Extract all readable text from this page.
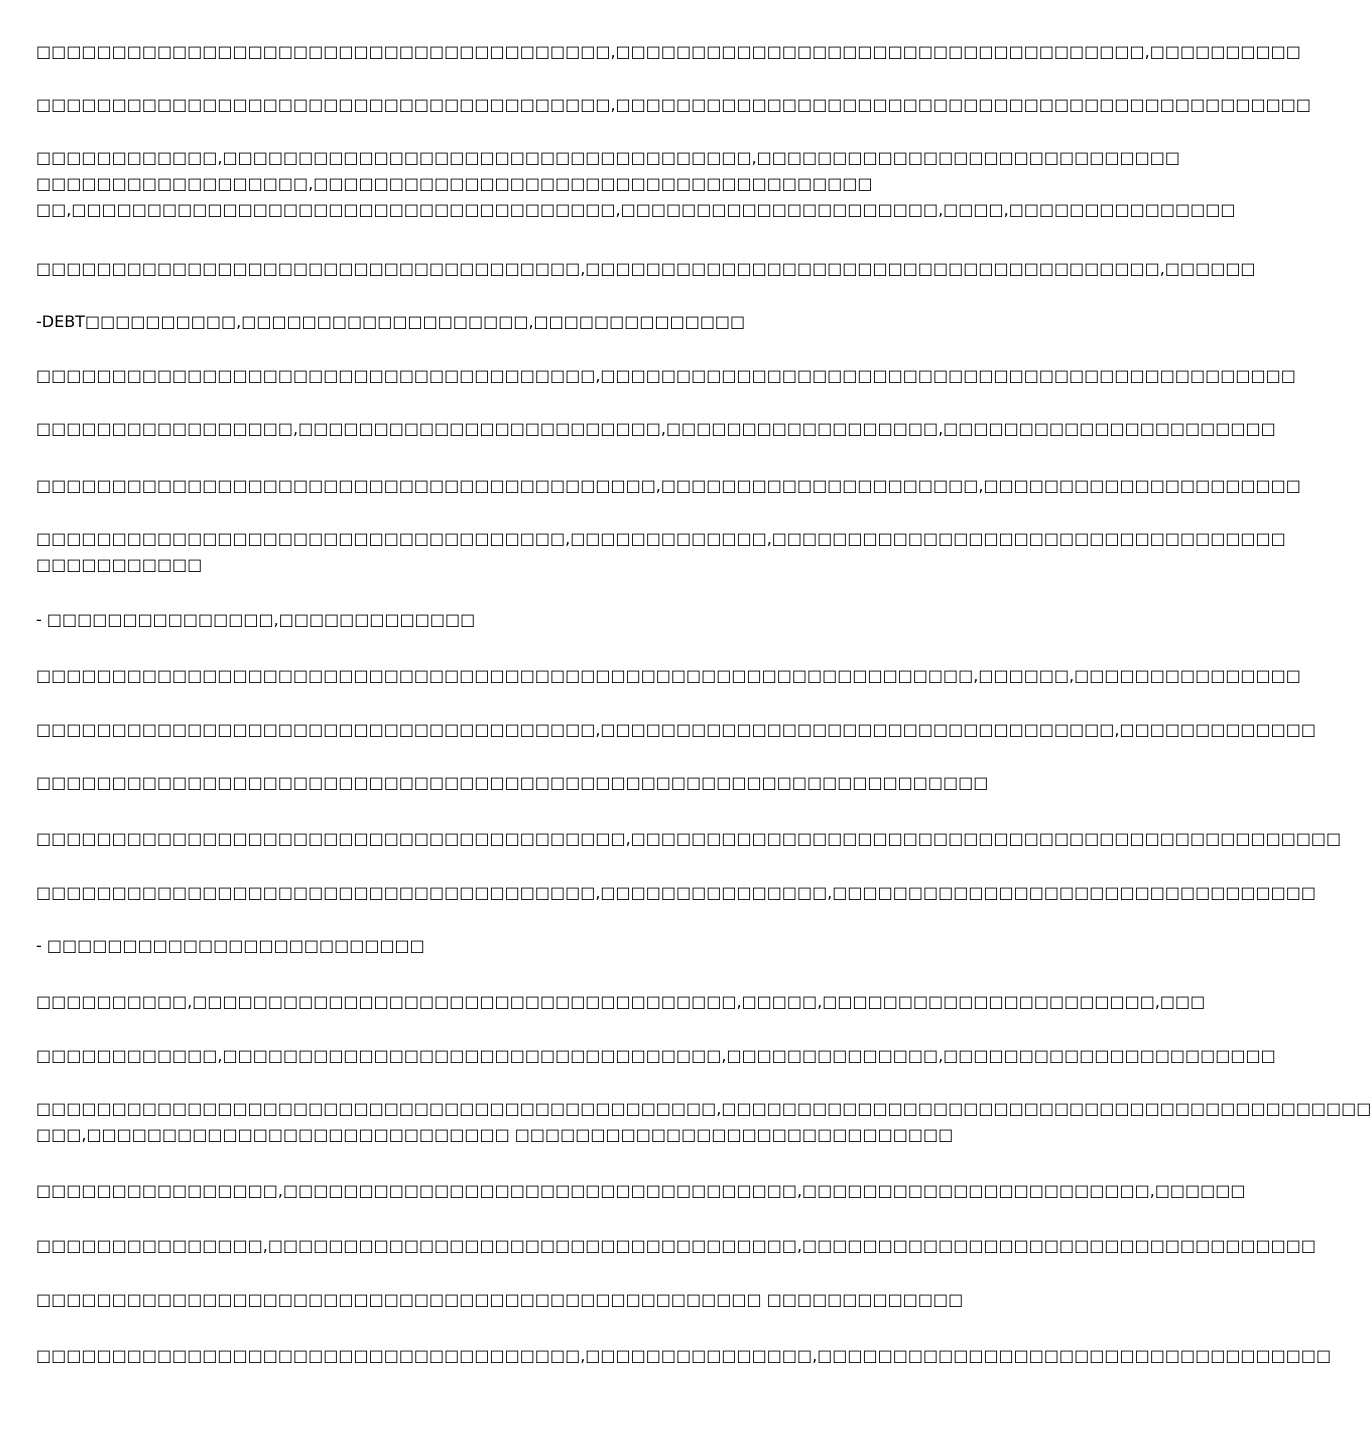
□□□□□□□□□□□□□□□□□□□□□□□□□□□□□□□□□□□□□□,□□□□□□□□□□□□□□□□□□□□□□□□□□□□□□□□□□□,□□□□□□□□□□
□□□□□□□□□□□□□□□□□□□□□□□□□□□□□□□□□□□□□□,□□□□□□□□□□□□□□□□□□□□□□□□□□□□□□□□□□□□□□□□□□□□□□
□□□□□□□□□□□□,□□□□□□□□□□□□□□□□□□□□□□□□□□□□□□□□□□□,□□□□□□□□□□□□□□□□□□□□□□□□□□□□
□□□□□□□□□□□□□□□□□□,□□□□□□□□□□□□□□□□□□□□□□□□□□□□□□□□□□□□□
□□,□□□□□□□□□□□□□□□□□□□□□□□□□□□□□□□□□□□□,□□□□□□□□□□□□□□□□□□□□□,□□□□,□□□□□□□□□□□□□□□
□□□□□□□□□□□□□□□□□□□□□□□□□□□□□□□□□□□□,□□□□□□□□□□□□□□□□□□□□□□□□□□□□□□□□□□□□□□,□□□□□□
-DEBT□□□□□□□□□□,□□□□□□□□□□□□□□□□□□□,□□□□□□□□□□□□□□
□□□□□□□□□□□□□□□□□□□□□□□□□□□□□□□□□□□□□,□□□□□□□□□□□□□□□□□□□□□□□□□□□□□□□□□□□□□□□□□□□□□□
□□□□□□□□□□□□□□□□□,□□□□□□□□□□□□□□□□□□□□□□□□,□□□□□□□□□□□□□□□□□□,□□□□□□□□□□□□□□□□□□□□□□
□□□□□□□□□□□□□□□□□□□□□□□□□□□□□□□□□□□□□□□□□,□□□□□□□□□□□□□□□□□□□□□,□□□□□□□□□□□□□□□□□□□□□
□□□□□□□□□□□□□□□□□□□□□□□□□□□□□□□□□□□,□□□□□□□□□□□□□,□□□□□□□□□□□□□□□□□□□□□□□□□□□□□□□□□□
□□□□□□□□□□□
- □□□□□□□□□□□□□□□,□□□□□□□□□□□□□
□□□□□□□□□□□□□□□□□□□□□□□□□□□□□□□□□□□□□□□□□□□□□□□□□□□□□□□□□□□□□□,□□□□□□,□□□□□□□□□□□□□□□
□□□□□□□□□□□□□□□□□□□□□□□□□□□□□□□□□□□□□,□□□□□□□□□□□□□□□□□□□□□□□□□□□□□□□□□□,□□□□□□□□□□□□□
□□□□□□□□□□□□□□□□□□□□□□□□□□□□□□□□□□□□□□□□□□□□□□□□□□□□□□□□□□□□□□□
□□□□□□□□□□□□□□□□□□□□□□□□□□□□□□□□□□□□□□□,□□□□□□□□□□□□□□□□□□□□□□□□□□□□□□□□□□□□□□□□□□□□□□□
□□□□□□□□□□□□□□□□□□□□□□□□□□□□□□□□□□□□□,□□□□□□□□□□□□□□□,□□□□□□□□□□□□□□□□□□□□□□□□□□□□□□□□
- □□□□□□□□□□□□□□□□□□□□□□□□□
□□□□□□□□□□,□□□□□□□□□□□□□□□□□□□□□□□□□□□□□□□□□□□□,□□□□□,□□□□□□□□□□□□□□□□□□□□□□,□□□
□□□□□□□□□□□□,□□□□□□□□□□□□□□□□□□□□□□□□□□□□□□□□□,□□□□□□□□□□□□□□,□□□□□□□□□□□□□□□□□□□□□□
□□□□□□□□□□□□□□□□□□□□□□□□□□□□□□□□□□□□□□□□□□□□□,□□□□□□□□□□□□□□□□□□□□□□□□□□□□□□□□□□□□□□□□□□□
□□□,□□□□□□□□□□□□□□□□□□□□□□□□□□□□ □□□□□□□□□□□□□□□□□□□□□□□□□□□□□
□□□□□□□□□□□□□□□□,□□□□□□□□□□□□□□□□□□□□□□□□□□□□□□□□□□,□□□□□□□□□□□□□□□□□□□□□□□,□□□□□□
□□□□□□□□□□□□□□□,□□□□□□□□□□□□□□□□□□□□□□□□□□□□□□□□□□□,□□□□□□□□□□□□□□□□□□□□□□□□□□□□□□□□□□
□□□□□□□□□□□□□□□□□□□□□□□□□□□□□□□□□□□□□□□□□□□□□□□□ □□□□□□□□□□□□□
□□□□□□□□□□□□□□□□□□□□□□□□□□□□□□□□□□□□,□□□□□□□□□□□□□□□,□□□□□□□□□□□□□□□□□□□□□□□□□□□□□□□□□□
